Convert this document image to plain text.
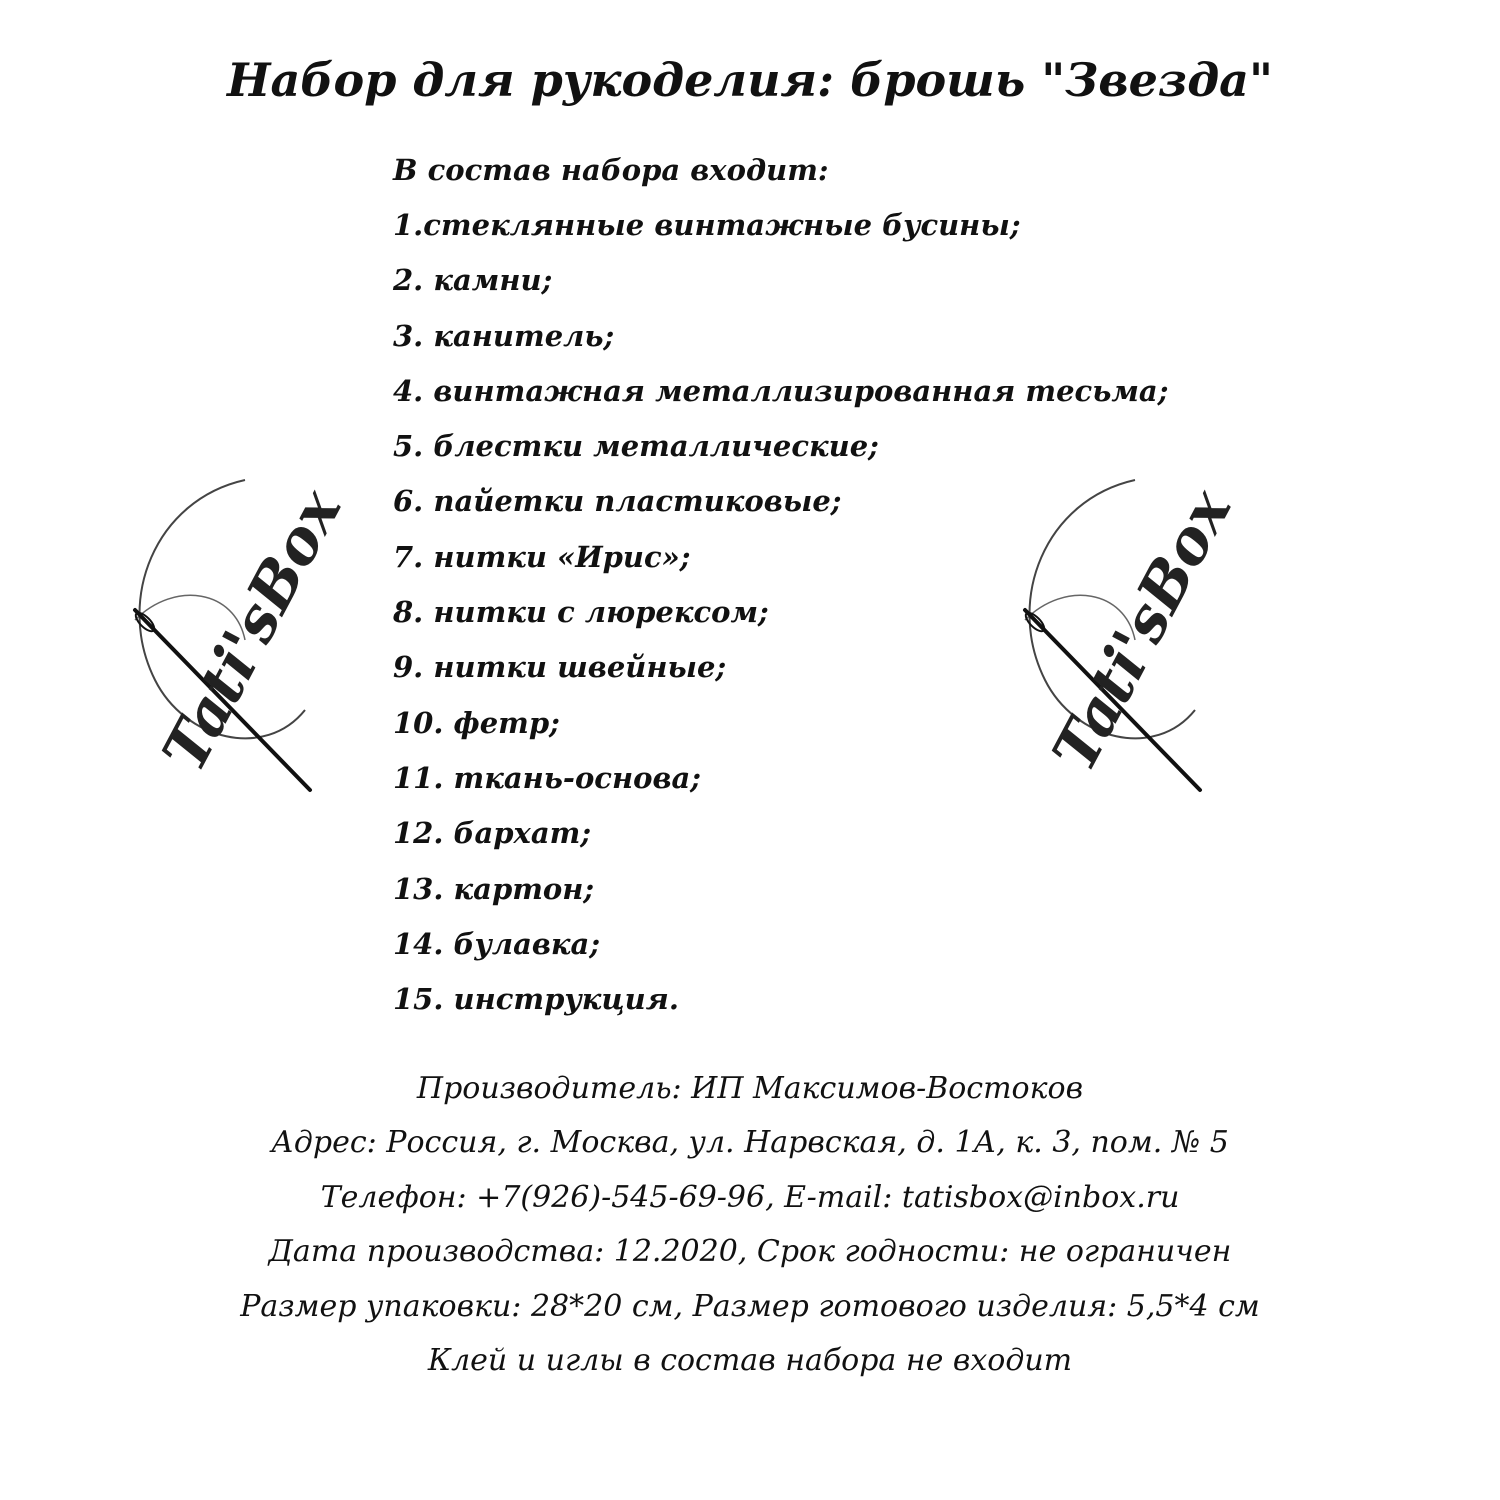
Tati'sBox	Tati'sBox
Набор для рукоделия: брошь "Звезда"
В состав набора входит:
1.стеклянные винтажные бусины;
2. камни;
3. канитель;
4. винтажная металлизированная тесьма;
5. блестки металлические;
6. пайетки пластиковые;
7. нитки «Ирис»;
8. нитки с люрексом;
9. нитки швейные;
10. фетр;
11. ткань-основа;
12. бархат;
13. картон;
14. булавка;
15. инструкция.
Производитель: ИП Максимов-Востоков
Адрес: Россия, г. Москва, ул. Нарвская, д. 1А, к. 3, пом. № 5
Телефон: +7(926)-545-69-96, E-mail: tatisbox@inbox.ru
Дата производства: 12.2020, Срок годности: не ограничен
Размер упаковки: 28*20 см, Размер готового изделия: 5,5*4 см
Клей и иглы в состав набора не входит
